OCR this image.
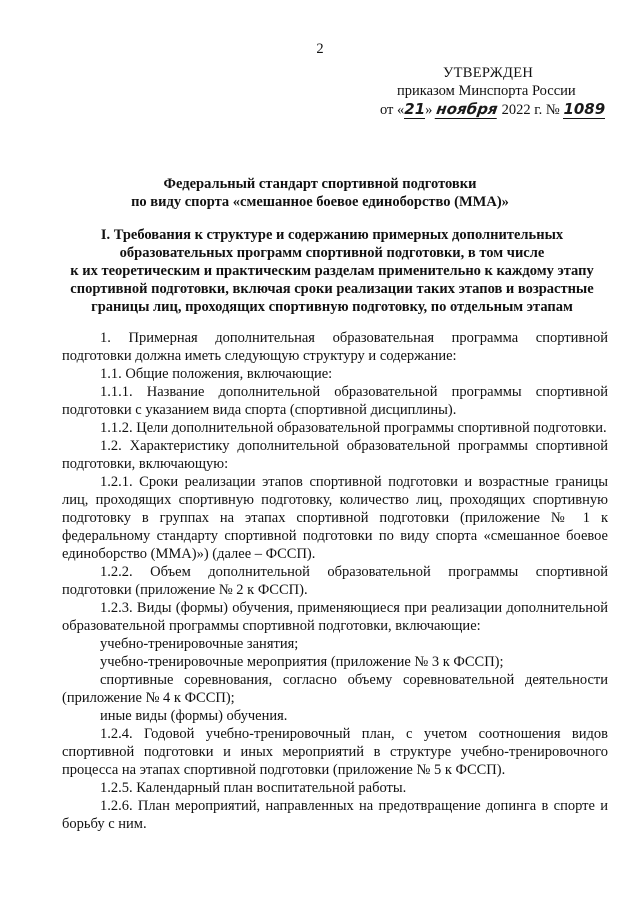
2
УТВЕРЖДЕН
приказом Минспорта России
от «21» ноября 2022 г. № 1089
Федеральный стандарт спортивной подготовки
по виду спорта «смешанное боевое единоборство (ММА)»
I. Требования к структуре и содержанию примерных дополнительных
образовательных программ спортивной подготовки, в том числе
к их теоретическим и практическим разделам применительно к каждому этапу
спортивной подготовки, включая сроки реализации таких этапов и возрастные
границы лиц, проходящих спортивную подготовку, по отдельным этапам

1. Примерная дополнительная образовательная программа спортивной подготовки должна иметь следующую структуру и содержание:

1.1. Общие положения, включающие:

1.1.1. Название дополнительной образовательной программы спортивной подготовки с указанием вида спорта (спортивной дисциплины).

1.1.2. Цели дополнительной образовательной программы спортивной подготовки.

1.2. Характеристику дополнительной образовательной программы спортивной подготовки, включающую:

1.2.1. Сроки реализации этапов спортивной подготовки и возрастные границы лиц, проходящих спортивную подготовку, количество лиц, проходящих спортивную подготовку в группах на этапах спортивной подготовки (приложение № 1 к федеральному стандарту спортивной подготовки по виду спорта «смешанное боевое единоборство (ММА)») (далее – ФССП).

1.2.2. Объем дополнительной образовательной программы спортивной подготовки (приложение № 2 к ФССП).

1.2.3. Виды (формы) обучения, применяющиеся при реализации дополнительной образовательной программы спортивной подготовки, включающие:

учебно-тренировочные занятия;

учебно-тренировочные мероприятия (приложение № 3 к ФССП);

спортивные соревнования, согласно объему соревновательной деятельности (приложение № 4 к ФССП);

иные виды (формы) обучения.

1.2.4. Годовой учебно-тренировочный план, с учетом соотношения видов спортивной подготовки и иных мероприятий в структуре учебно-тренировочного процесса на этапах спортивной подготовки (приложение № 5 к ФССП).

1.2.5. Календарный план воспитательной работы.

1.2.6. План мероприятий, направленных на предотвращение допинга в спорте и борьбу с ним.
